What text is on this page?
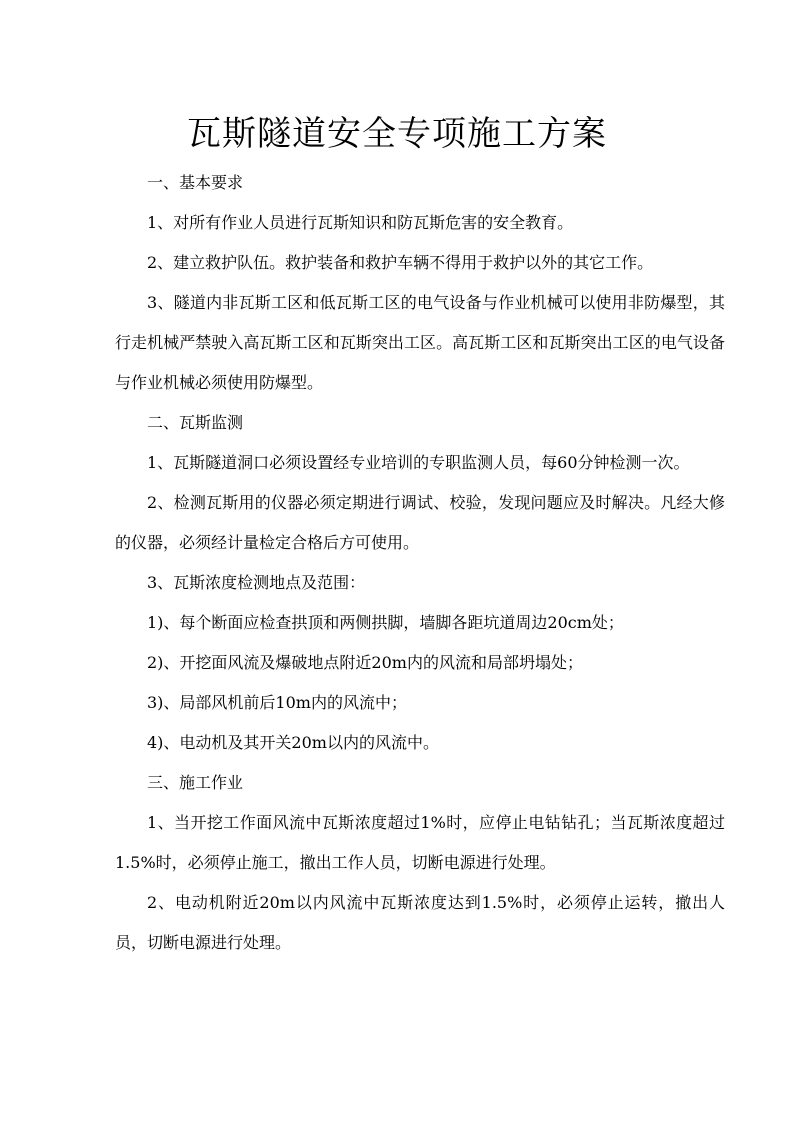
瓦斯隧道安全专项施工方案

一、基本要求

1、对所有作业人员进行瓦斯知识和防瓦斯危害的安全教育。

2、建立救护队伍。救护装备和救护车辆不得用于救护以外的其它工作。

3、隧道内非瓦斯工区和低瓦斯工区的电气设备与作业机械可以使用非防爆型，其行走机械严禁驶入高瓦斯工区和瓦斯突出工区。高瓦斯工区和瓦斯突出工区的电气设备与作业机械必须使用防爆型。

二、瓦斯监测

1、瓦斯隧道洞口必须设置经专业培训的专职监测人员，每60分钟检测一次。

2、检测瓦斯用的仪器必须定期进行调试、校验，发现问题应及时解决。凡经大修的仪器，必须经计量检定合格后方可使用。

3、瓦斯浓度检测地点及范围：

1)、每个断面应检查拱顶和两侧拱脚，墙脚各距坑道周边20cm处；

2)、开挖面风流及爆破地点附近20m内的风流和局部坍塌处；

3)、局部风机前后10m内的风流中；

4)、电动机及其开关20m以内的风流中。

三、施工作业

1、当开挖工作面风流中瓦斯浓度超过1%时，应停止电钻钻孔；当瓦斯浓度超过1.5%时，必须停止施工，撤出工作人员，切断电源进行处理。

2、电动机附近20m以内风流中瓦斯浓度达到1.5%时，必须停止运转，撤出人员，切断电源进行处理。
